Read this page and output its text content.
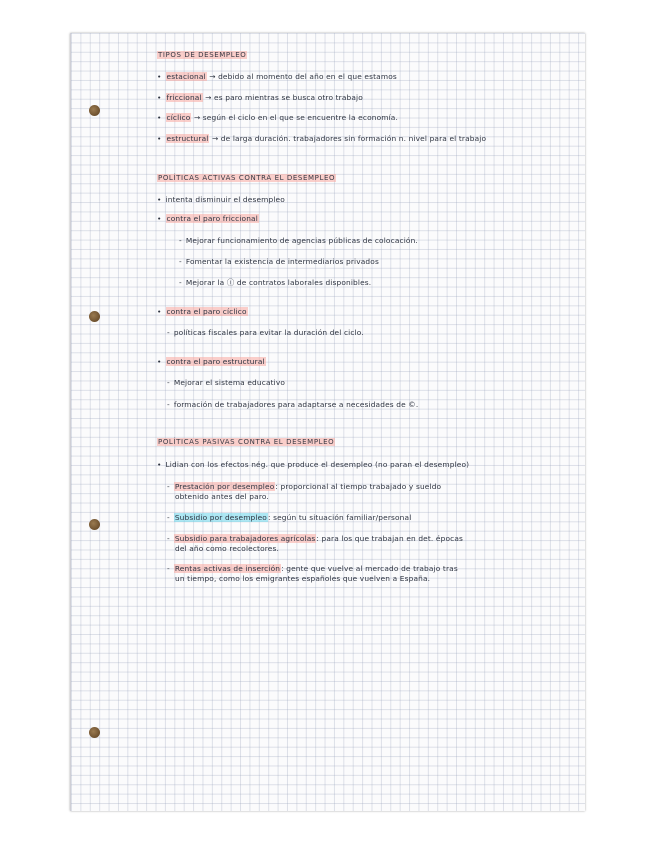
TIPOS DE DESEMPLEO
• estacional → debido al momento del año en el que estamos
• friccional → es paro mientras se busca otro trabajo
• cíclico → según el ciclo en el que se encuentre la economía.
• estructural → de larga duración. trabajadores sin formación n. nivel para el trabajo
POLÍTICAS ACTIVAS CONTRA EL DESEMPLEO
• intenta disminuir el desempleo
• contra el paro friccional
- Mejorar funcionamiento de agencias públicas de colocación.
- Fomentar la existencia de intermediarios privados
- Mejorar la ⓘ de contratos laborales disponibles.
• contra el paro cíclico
- políticas fiscales para evitar la duración del ciclo.
• contra el paro estructural
- Mejorar el sistema educativo
- formación de trabajadores para adaptarse a necesidades de ©.
POLÍTICAS PASIVAS CONTRA EL DESEMPLEO
• Lidian con los efectos nég. que produce el desempleo (no paran el desempleo)
- Prestación por desempleo: proporcional al tiempo trabajado y sueldo
obtenido antes del paro.
- Subsidio por desempleo: según tu situación familiar/personal
- Subsidio para trabajadores agrícolas: para los que trabajan en det. épocas
del año como recolectores.
- Rentas activas de inserción: gente que vuelve al mercado de trabajo tras
un tiempo, como los emigrantes españoles que vuelven a España.
